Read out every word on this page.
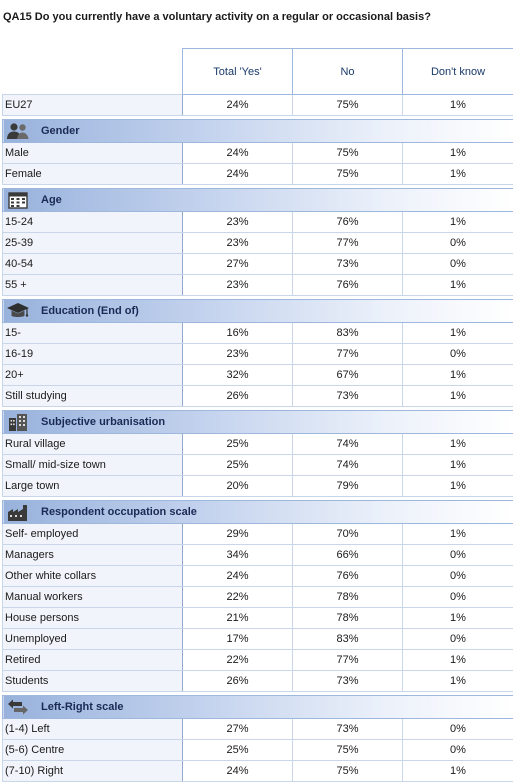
QA15 Do you currently have a voluntary activity on a regular or occasional basis?
	Total 'Yes'	No	Don't know
EU27	24%	75%	1%

Gender			

Male	24%	75%	1%
Female	24%	75%	1%

Age			

15-24	23%	76%	1%
25-39	23%	77%	0%
40-54	27%	73%	0%
55 +	23%	76%	1%

Education (End of)			

15-	16%	83%	1%
16-19	23%	77%	0%
20+	32%	67%	1%
Still studying	26%	73%	1%

Subjective urbanisation			

Rural village	25%	74%	1%
Small/ mid-size town	25%	74%	1%
Large town	20%	79%	1%

Respondent occupation scale			

Self- employed	29%	70%	1%
Managers	34%	66%	0%
Other white collars	24%	76%	0%
Manual workers	22%	78%	0%
House persons	21%	78%	1%
Unemployed	17%	83%	0%
Retired	22%	77%	1%
Students	26%	73%	1%

Left-Right scale			

(1-4) Left	27%	73%	0%
(5-6) Centre	25%	75%	0%
(7-10) Right	24%	75%	1%
